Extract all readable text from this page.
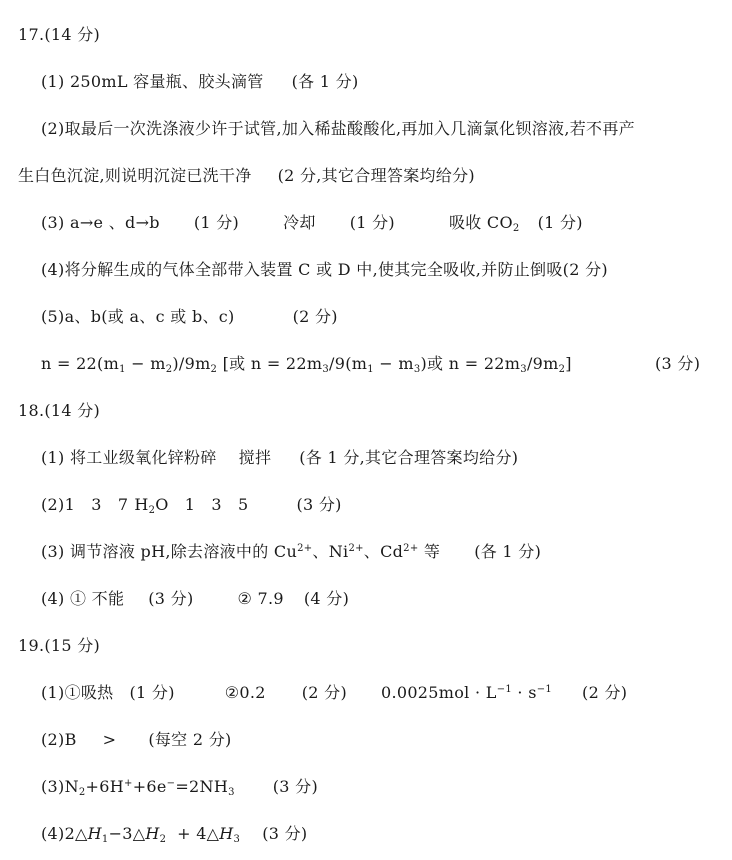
17.(14 分)
(1) 250mL 容量瓶、胶头滴管 (各 1 分)
(2)取最后一次洗涤液少许于试管,加入稀盐酸酸化,再加入几滴氯化钡溶液,若不再产
生白色沉淀,则说明沉淀已洗干净 (2 分,其它合理答案均给分)
(3) a→e 、d→b (1 分)	冷却 (1 分)	吸收 $CO_2$ (1 分)
(4)将分解生成的气体全部带入装置 C 或 D 中,使其完全吸收,并防止倒吸(2 分)
(5)a、b(或 a、c 或 b、c)	(2 分)
$n = 22(m_1 - m_2)/9m_2$ [或 $n = 22m_3/9(m_1 - m_3)$或 $n = 22m_3/9m_2$]	(3 分)
18.(14 分)
(1) 将工业级氧化锌粉碎 搅拌 (各 1 分,其它合理答案均给分)
(2)1   3   7 $H_2O$ 1   3   5	(3 分)
(3) 调节溶液 pH,除去溶液中的 $Cu^{2+}$、$Ni^{2+}$、$Cd^{2+}$ 等 (各 1 分)
(4) ① 不能 (3 分)	② 7.9 (4 分)
19.(15 分)
(1)①吸热 (1 分)	②0.2 (2 分) $0.0025mol \cdot L^{-1} \cdot s^{-1}$ (2 分)
(2)B > (每空 2 分)
$(3)N_2+6H^++6e^-=2NH_3$ (3 分)
$(4)2\triangle H_1-3\triangle H_2$  + $4\triangle H_3$ (3 分)
